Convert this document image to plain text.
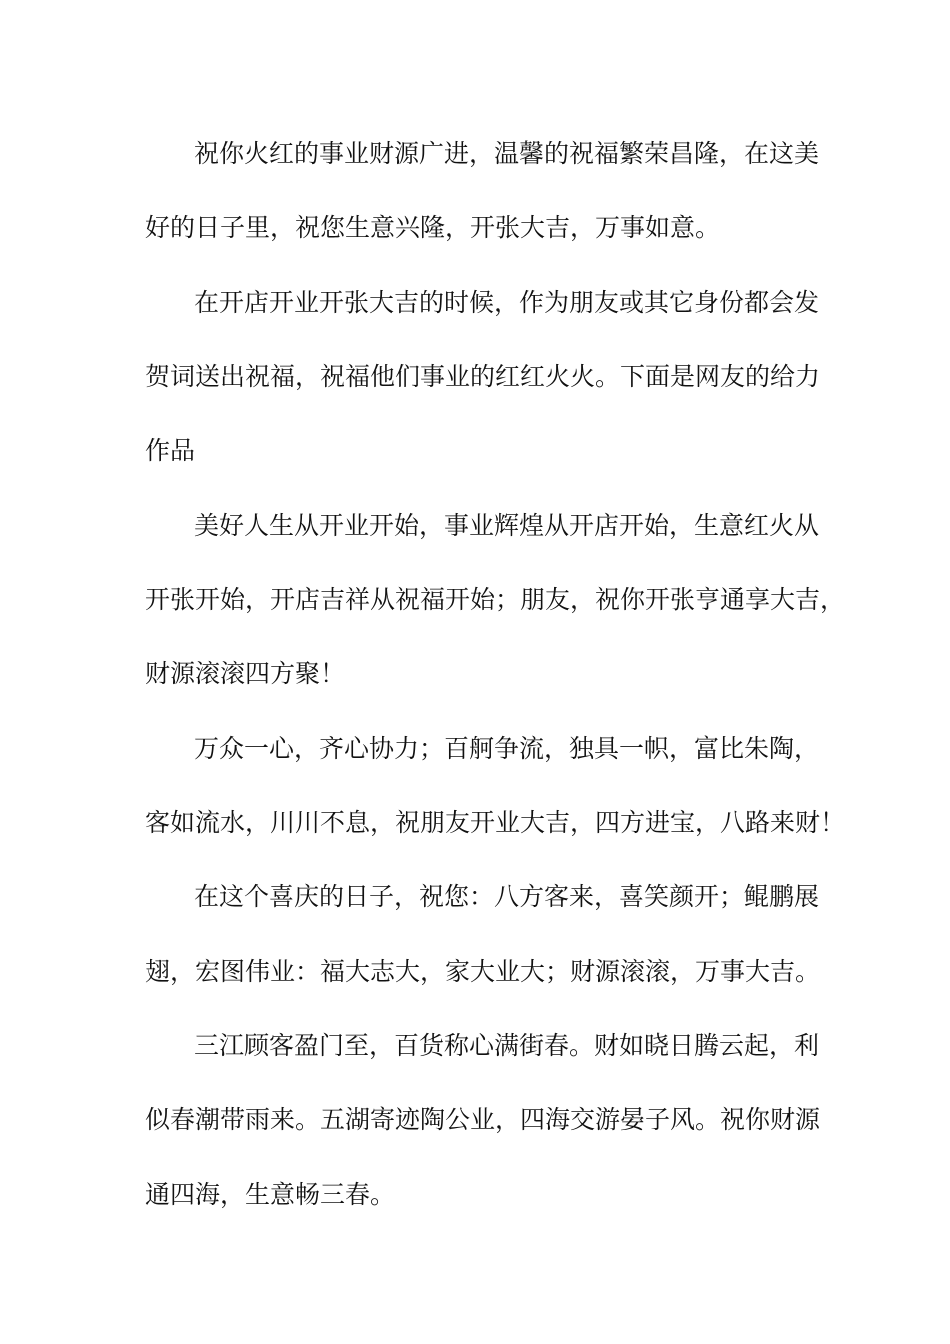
祝你火红的事业财源广进，温馨的祝福繁荣昌隆，在这美
好的日子里，祝您生意兴隆，开张大吉，万事如意。
在开店开业开张大吉的时候，作为朋友或其它身份都会发
贺词送出祝福，祝福他们事业的红红火火。下面是网友的给力
作品
美好人生从开业开始，事业辉煌从开店开始，生意红火从
开张开始，开店吉祥从祝福开始；朋友，祝你开张亨通享大吉，
财源滚滚四方聚！
万众一心，齐心协力；百舸争流，独具一帜，富比朱陶，
客如流水，川川不息，祝朋友开业大吉，四方进宝，八路来财！
在这个喜庆的日子，祝您：八方客来，喜笑颜开；鲲鹏展
翅，宏图伟业：福大志大，家大业大；财源滚滚，万事大吉。
三江顾客盈门至，百货称心满街春。财如晓日腾云起，利
似春潮带雨来。五湖寄迹陶公业，四海交游晏子风。祝你财源
通四海，生意畅三春。
